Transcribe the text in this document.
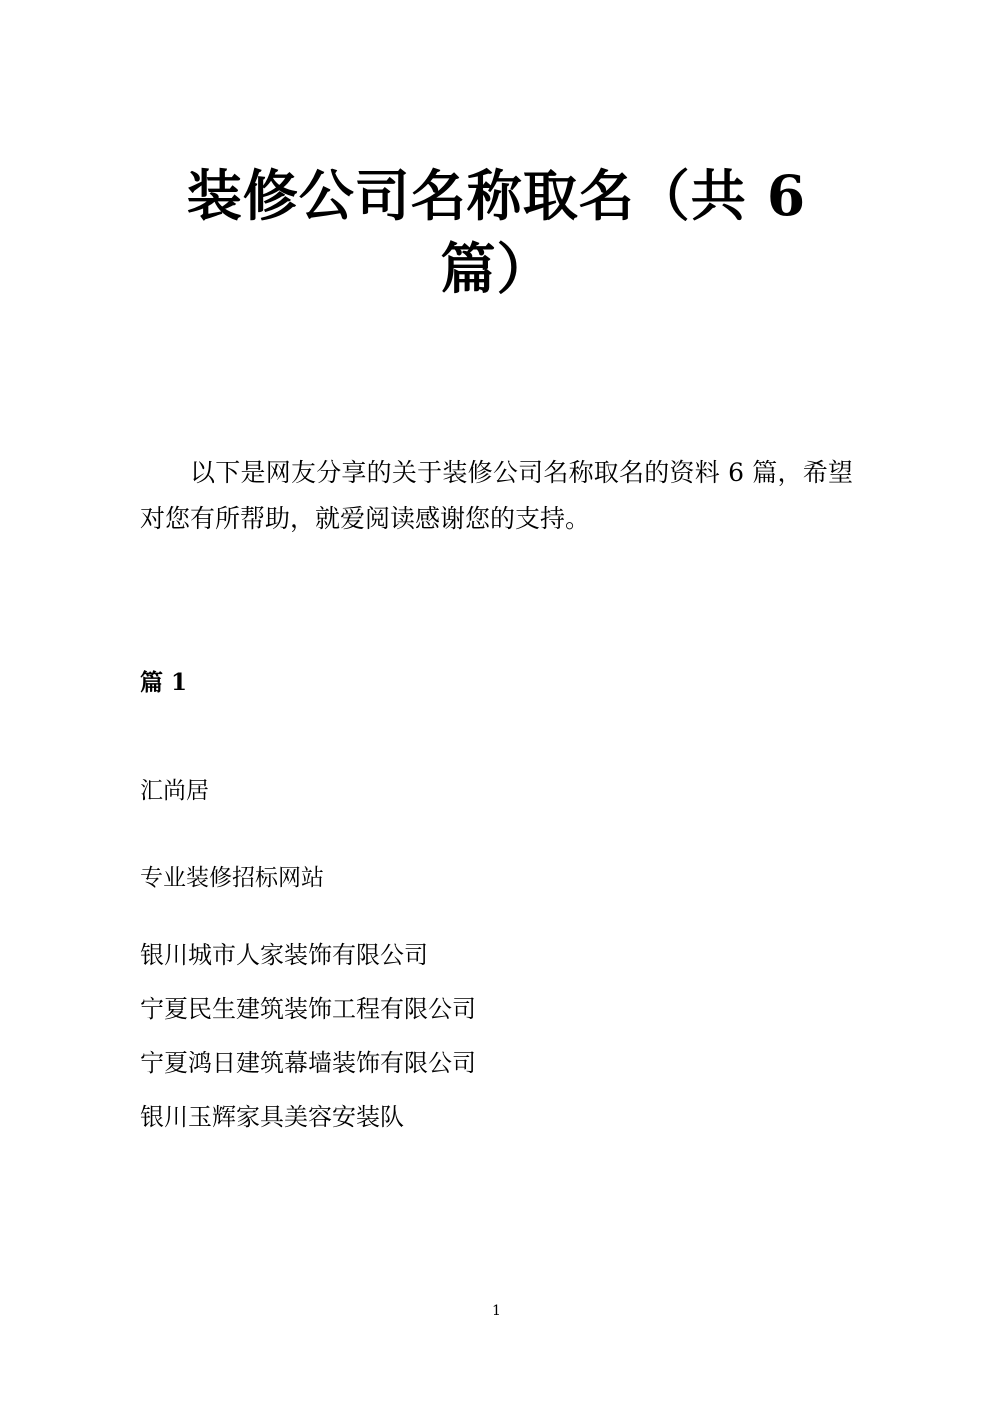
装修公司名称取名（共 6 篇）

以下是网友分享的关于装修公司名称取名的资料 6 篇，希望对您有所帮助，就爱阅读感谢您的支持。

篇 1

汇尚居

专业装修招标网站

银川城市人家装饰有限公司
宁夏民生建筑装饰工程有限公司
宁夏鸿日建筑幕墙装饰有限公司
银川玉辉家具美容安装队
1
